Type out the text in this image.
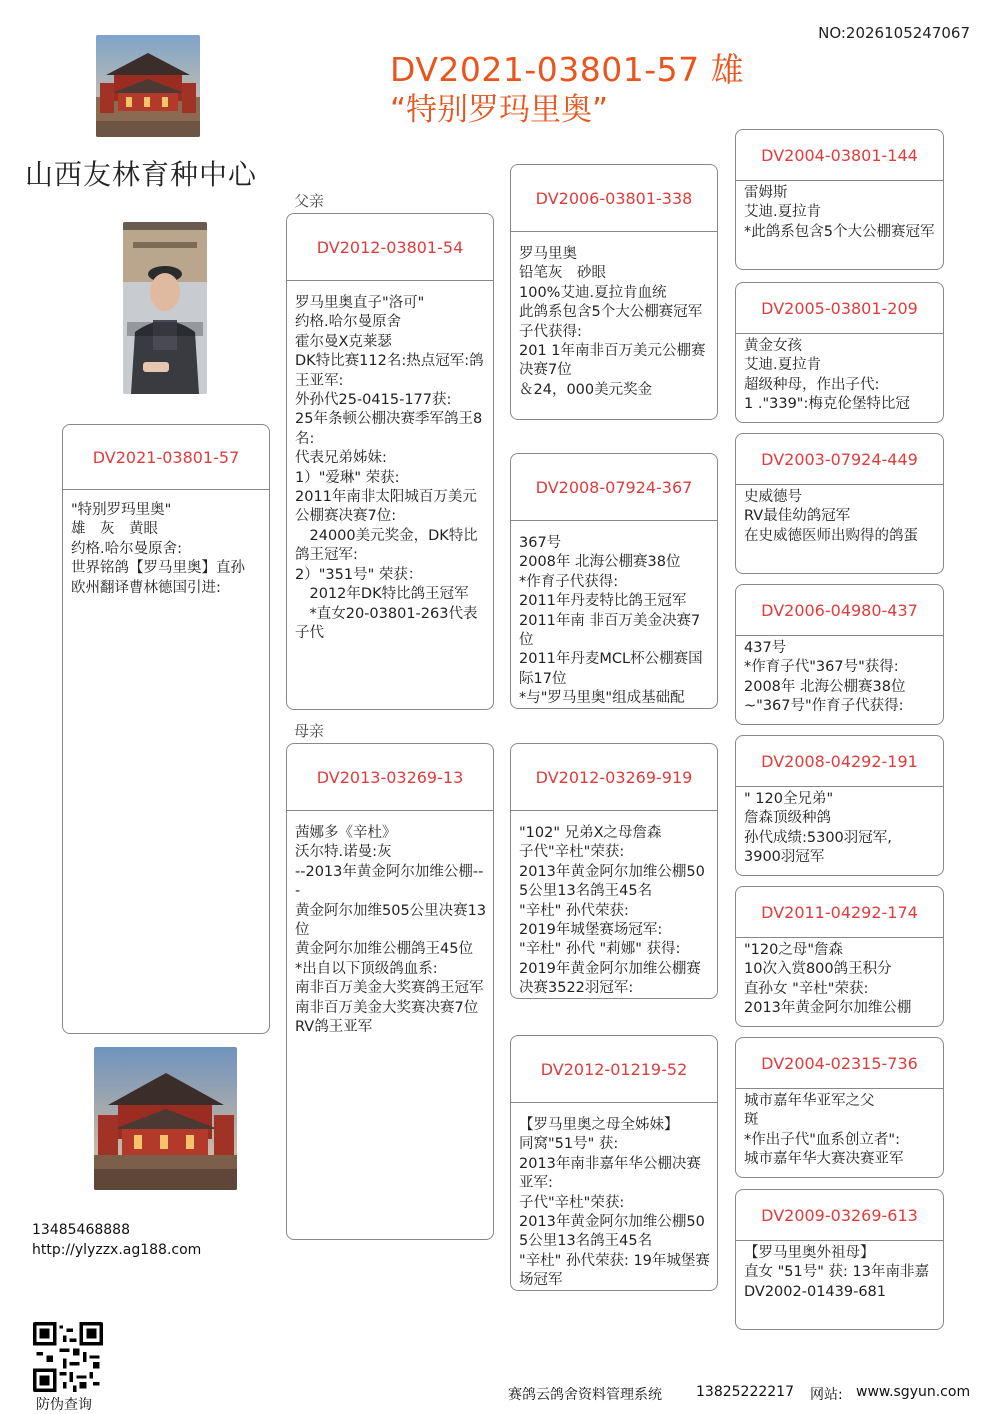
NO:2026105247067
DV2021-03801-57 雄
“特别罗玛里奥”
山西友林育种中心
父亲
母亲
DV2021-03801-57
"特别罗玛里奥"
雄　灰　黄眼
约格.哈尔曼原舍:
世界铭鸽【罗马里奥】直孙
欧州翻译曹林德国引进:
DV2012-03801-54
罗马里奥直子"洛可"
约格.哈尔曼原舍
霍尔曼X克莱瑟
DK特比赛112名:热点冠军:鸽王亚军:
外孙代25-0415-177获:
25年条顿公棚决赛季军鸽王8名:
代表兄弟姊妹:
1）"爱琳" 荣获:
2011年南非太阳城百万美元公棚赛决赛7位:
　24000美元奖金，DK特比鸽王冠军:
2）"351号" 荣获：
　2012年DK特比鸽王冠军
　*直女20-03801-263代表子代
DV2013-03269-13
茜娜多《辛杜》
沃尔特.诺曼:灰
--2013年黄金阿尔加维公棚---
黄金阿尔加维505公里决赛13位
黄金阿尔加维公棚鸽王45位
*出自以下顶级鸽血系:
南非百万美金大奖赛鸽王冠军
南非百万美金大奖赛决赛7位
RV鸽王亚军
DV2006-03801-338
罗马里奥
铅笔灰　砂眼
100%艾迪.夏拉肯血统
此鸽系包含5个大公棚赛冠军
子代获得:
201 1年南非百万美元公棚赛决赛7位
＆24，000美元奖金
DV2008-07924-367
367号
2008年 北海公棚赛38位
*作育子代获得:
2011年丹麦特比鸽王冠军
2011年南 非百万美金决赛7位
2011年丹麦MCL杯公棚赛国际17位
*与"罗马里奥"组成基础配
DV2012-03269-919
"102" 兄弟X之母詹森
子代"辛杜"荣获:
2013年黄金阿尔加维公棚505公里13名鸽王45名
"辛杜" 孙代荣获:
2019年城堡赛场冠军:
"辛杜" 孙代 "莉娜" 获得:
2019年黄金阿尔加维公棚赛决赛3522羽冠军:
DV2012-01219-52
【罗马里奥之母全姊妹】
同窝"51号" 获:
2013年南非嘉年华公棚决赛亚军:
子代"辛杜"荣获:
2013年黄金阿尔加维公棚505公里13名鸽王45名
"辛杜" 孙代荣获: 19年城堡赛场冠军
DV2004-03801-144
雷姆斯
艾迪.夏拉肯
*此鸽系包含5个大公棚赛冠军
DV2005-03801-209
黄金女孩
艾迪.夏拉肯
超级种母，作出子代:
1 ."339":梅克伦堡特比冠
DV2003-07924-449
史威德号
RV最佳幼鸽冠军
在史威德医师出购得的鸽蛋
DV2006-04980-437
437号
*作育子代"367号"获得:
2008年 北海公棚赛38位
~"367号"作育子代获得:
DV2008-04292-191
" 120全兄弟"
詹森顶级种鸽
孙代成绩:5300羽冠军,
3900羽冠军
DV2011-04292-174
"120之母"詹森
10次入赏800鸽王积分
直孙女 "辛杜"荣获:
2013年黄金阿尔加维公棚
DV2004-02315-736
城市嘉年华亚军之父
斑
*作出子代"血系创立者":
城市嘉年华大赛决赛亚军
DV2009-03269-613
【罗马里奥外祖母】
直女 "51号" 获: 13年南非嘉
DV2002-01439-681
13485468888
http://ylyzzx.ag188.com
防伪查询
赛鸽云鸽舍资料管理系统 13825222217 网站: www.sgyun.com
